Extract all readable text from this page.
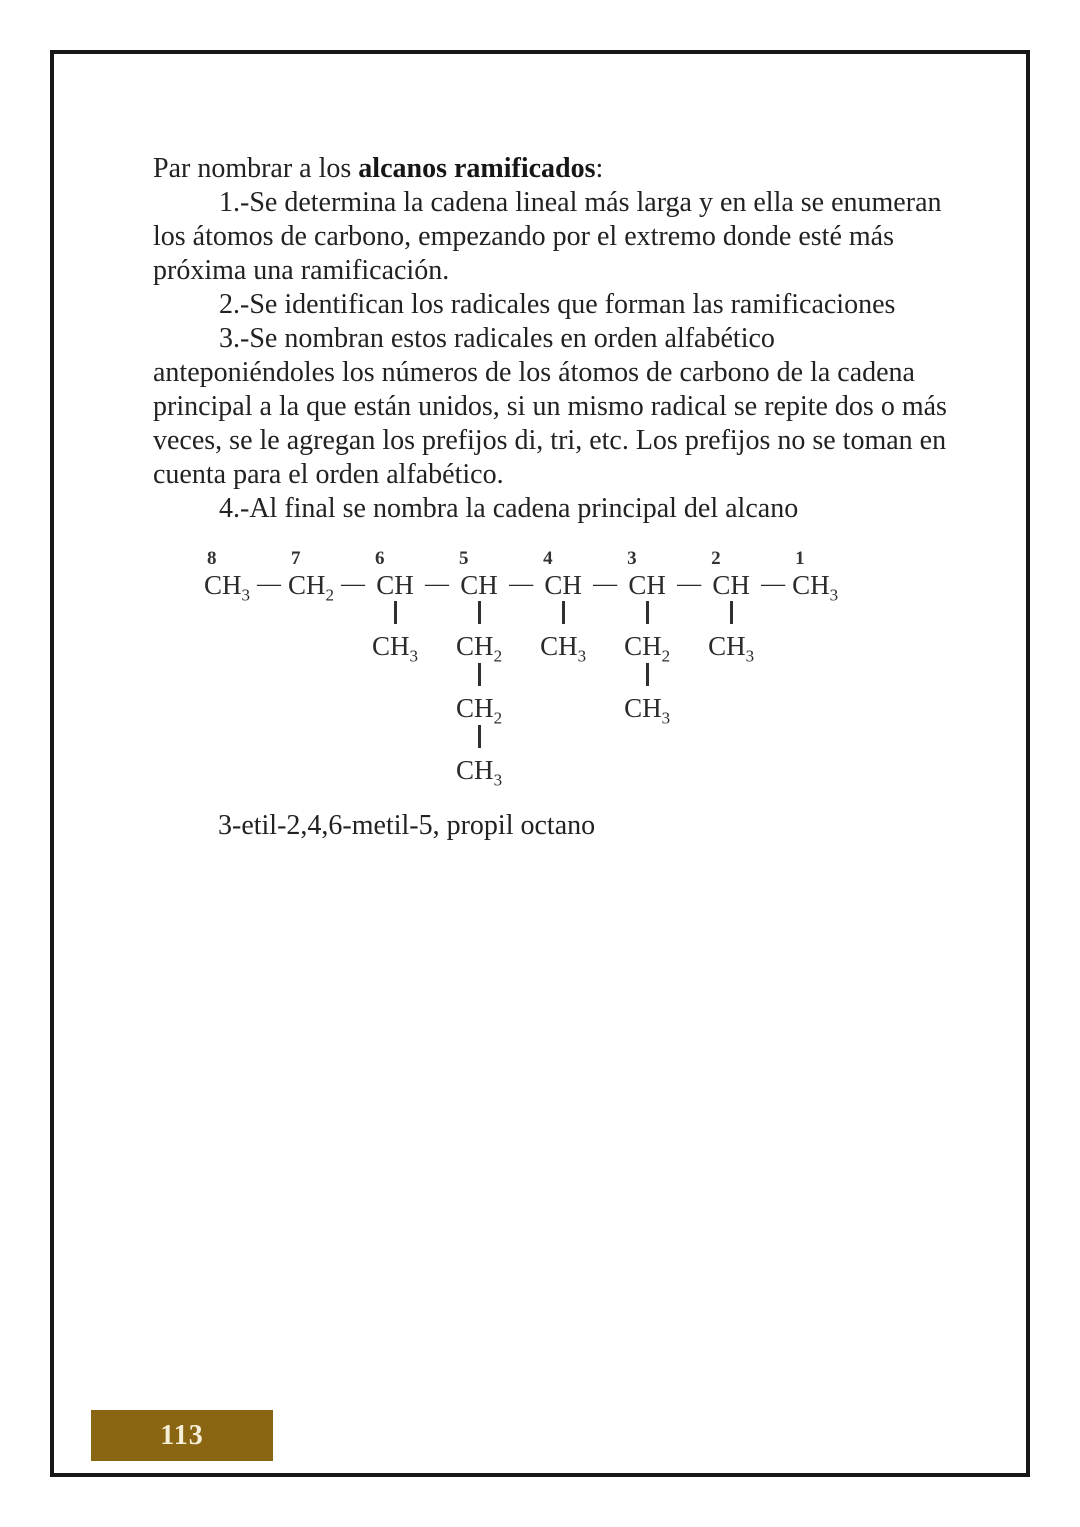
Par nombrar a los alcanos ramificados:

1.-Se determina la cadena lineal más larga y en ella se enumeran los átomos de carbono, empezando por el extremo donde esté más próxima una ramificación.

2.-Se identifican los radicales que forman las ramificaciones

3.-Se nombran estos radicales en orden alfabético anteponiéndoles los números de los átomos de carbono de la cadena principal a la que están unidos, si un mismo radical se repite dos o más veces, se le agregan los prefijos di, tri, etc. Los prefijos no se toman en cuenta para el orden alfabético.

4.-Al final se nombra la cadena principal del alcano

8		7		6		5		4		3		2		1
$CH_3$	—	$CH_2$	—	CH	—	CH	—	CH	—	CH	—	CH	—	$CH_3$

				$CH_3$		$CH_2$		$CH_3$		$CH_2$		$CH_3$		

						$CH_2$				$CH_3$				

						$CH_3$								
3-etil-2,4,6-metil-5, propil octano
113
